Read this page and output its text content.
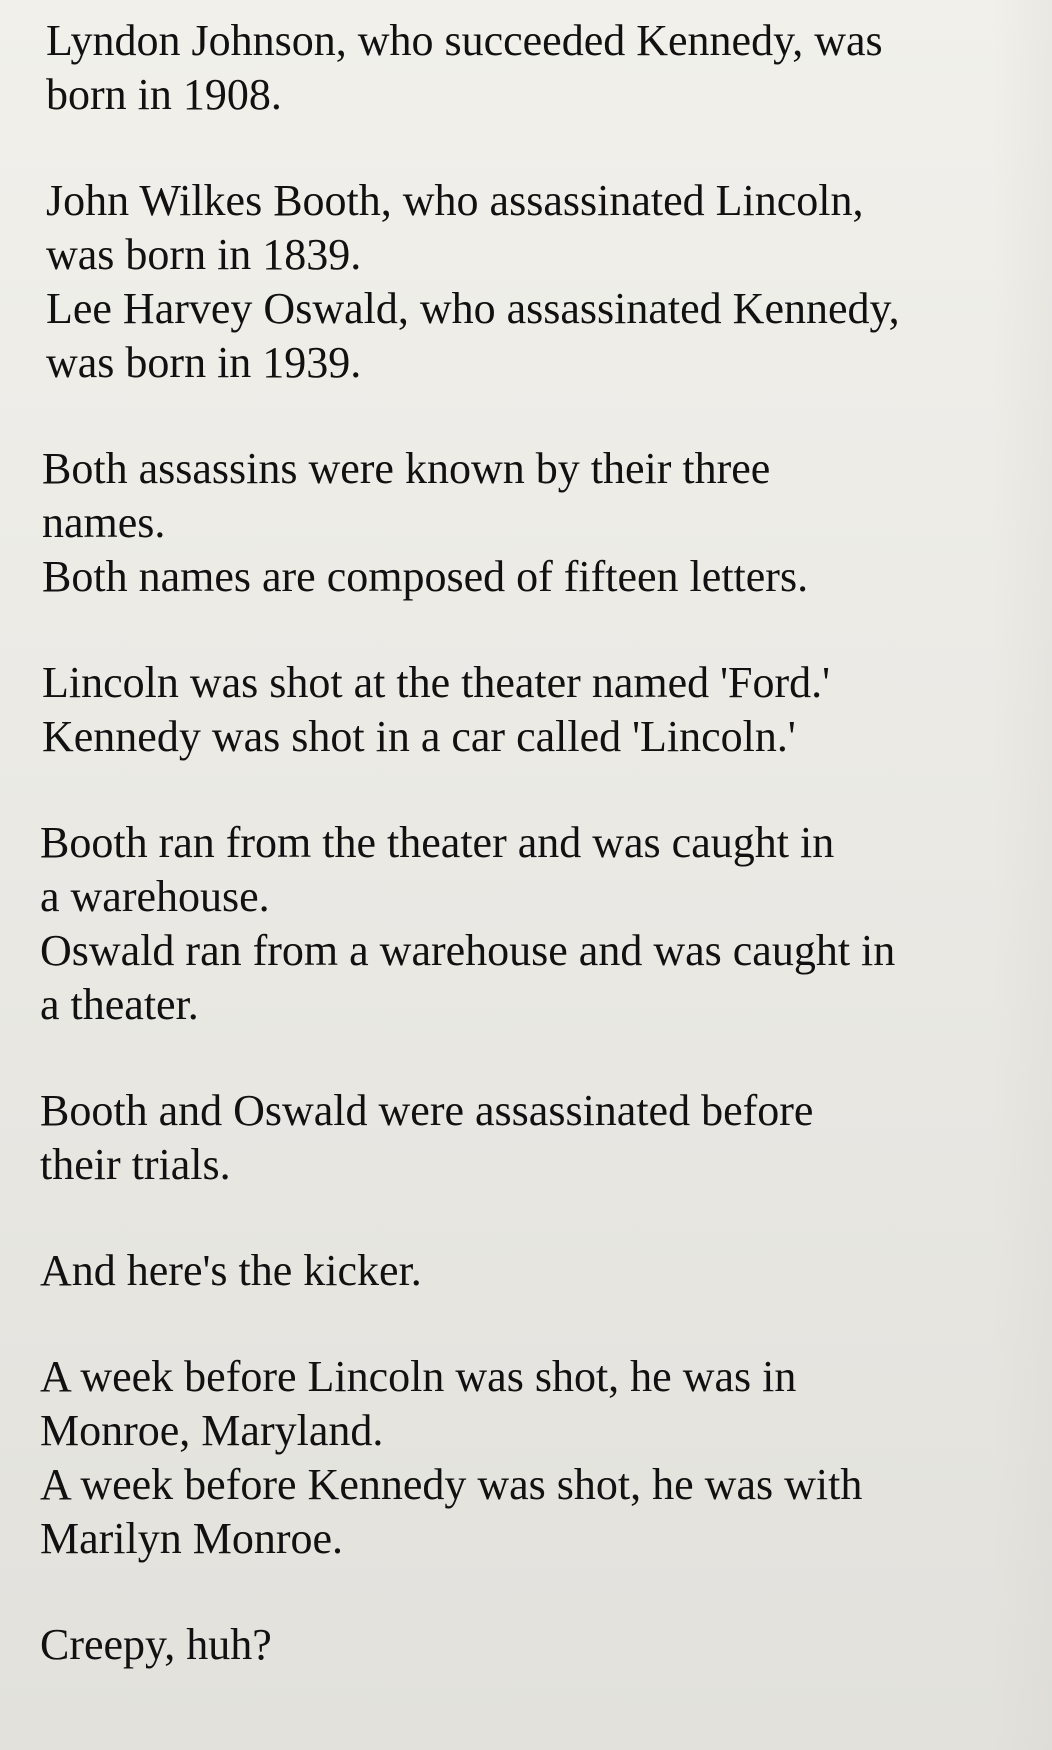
Lyndon Johnson, who succeeded Kennedy, was
born in 1908.
John Wilkes Booth, who assassinated Lincoln,
was born in 1839.
Lee Harvey Oswald, who assassinated Kennedy,
was born in 1939.
Both assassins were known by their three
names.
Both names are composed of fifteen letters.
Lincoln was shot at the theater named 'Ford.'
Kennedy was shot in a car called 'Lincoln.'
Booth ran from the theater and was caught in
a warehouse.
Oswald ran from a warehouse and was caught in
a theater.
Booth and Oswald were assassinated before
their trials.
And here's the kicker.
A week before Lincoln was shot, he was in
Monroe, Maryland.
A week before Kennedy was shot, he was with
Marilyn Monroe.
Creepy, huh?
